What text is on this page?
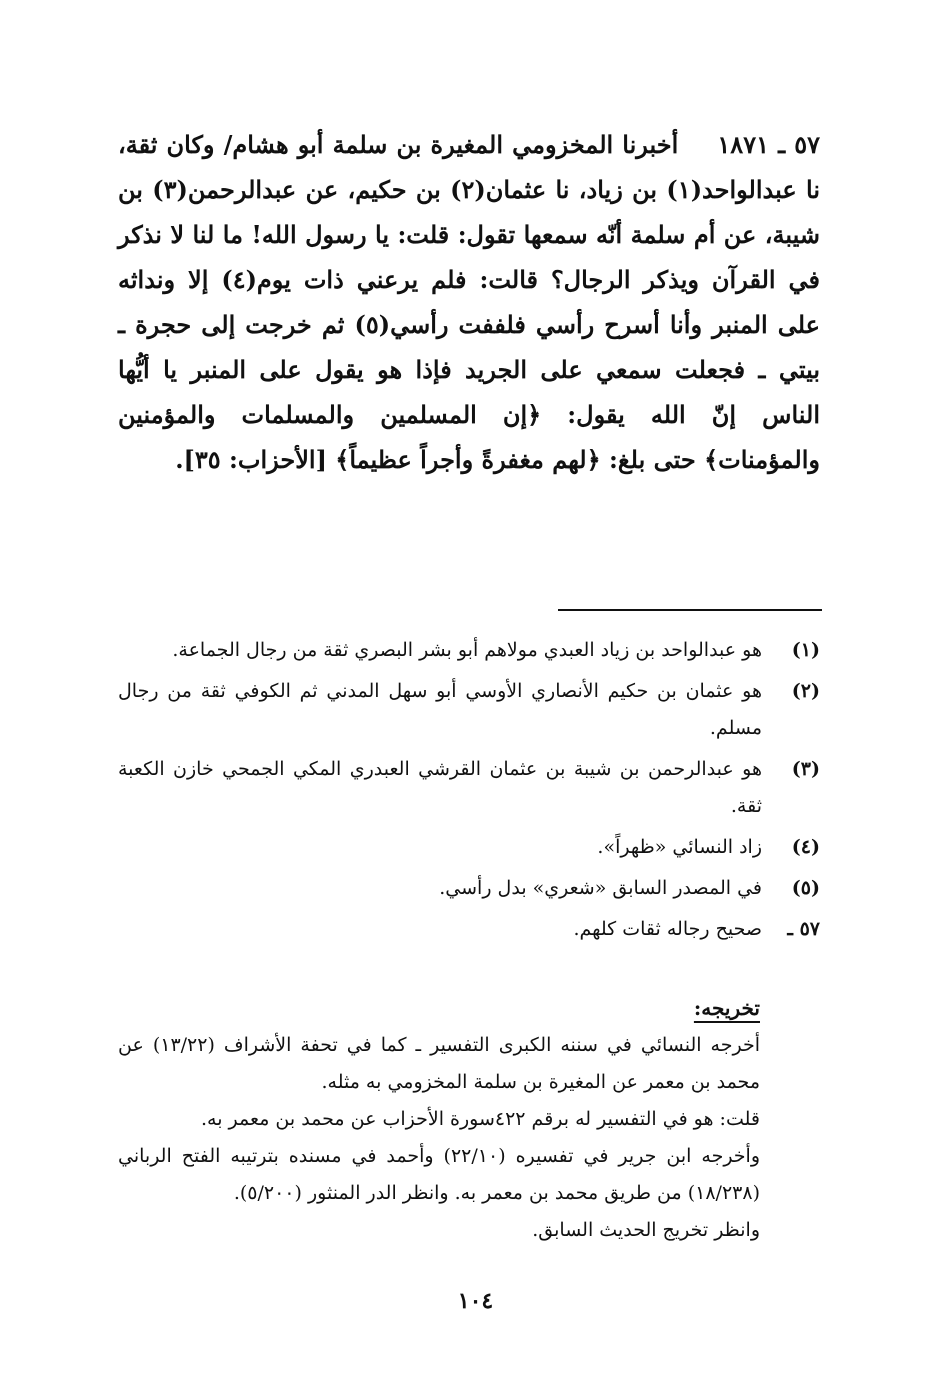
٥٧ ـ ١٨٧١ أخبرنا المخزومي المغيرة بن سلمة أبو هشام/ وكان ثقة، نا عبدالواحد(١) بن زياد، نا عثمان(٢) بن حكيم، عن عبدالرحمن(٣) بن شيبة، عن أم سلمة أنّه سمعها تقول: قلت: يا رسول الله! ما لنا لا نذكر في القرآن ويذكر الرجال؟ قالت: فلم يرعني ذات يوم(٤) إلا ونداثه على المنبر وأنا أسرح رأسي فلففت رأسي(٥) ثم خرجت إلى حجرة ـ بيتي ـ فجعلت سمعي على الجريد فإذا هو يقول على المنبر يا أيُّها الناس إنّ الله يقول: ﴿إن المسلمين والمسلمات والمؤمنين والمؤمنات﴾ حتى بلغ: ﴿لهم مغفرةً وأجراً عظيماً﴾ [الأحزاب: ٣٥].
(١)
هو عبدالواحد بن زياد العبدي مولاهم أبو بشر البصري ثقة من رجال الجماعة.
(٢)
هو عثمان بن حكيم الأنصاري الأوسي أبو سهل المدني ثم الكوفي ثقة من رجال مسلم.
(٣)
هو عبدالرحمن بن شيبة بن عثمان القرشي العبدري المكي الجمحي خازن الكعبة ثقة.
(٤)
زاد النسائي «ظهراً».
(٥)
في المصدر السابق «شعري» بدل رأسي.
٥٧ ـ
صحيح رجاله ثقات كلهم.
تخريجه:
أخرجه النسائي في سننه الكبرى التفسير ـ كما في تحفة الأشراف (١٣/٢٢) عن محمد بن معمر عن المغيرة بن سلمة المخزومي به مثله.
قلت: هو في التفسير له برقم ٤٢٢سورة الأحزاب عن محمد بن معمر به.
وأخرجه ابن جرير في تفسيره (٢٢/١٠) وأحمد في مسنده بترتيبه الفتح الرباني (١٨/٢٣٨) من طريق محمد بن معمر به. وانظر الدر المنثور (٥/٢٠٠).
وانظر تخريج الحديث السابق.
١٠٤
